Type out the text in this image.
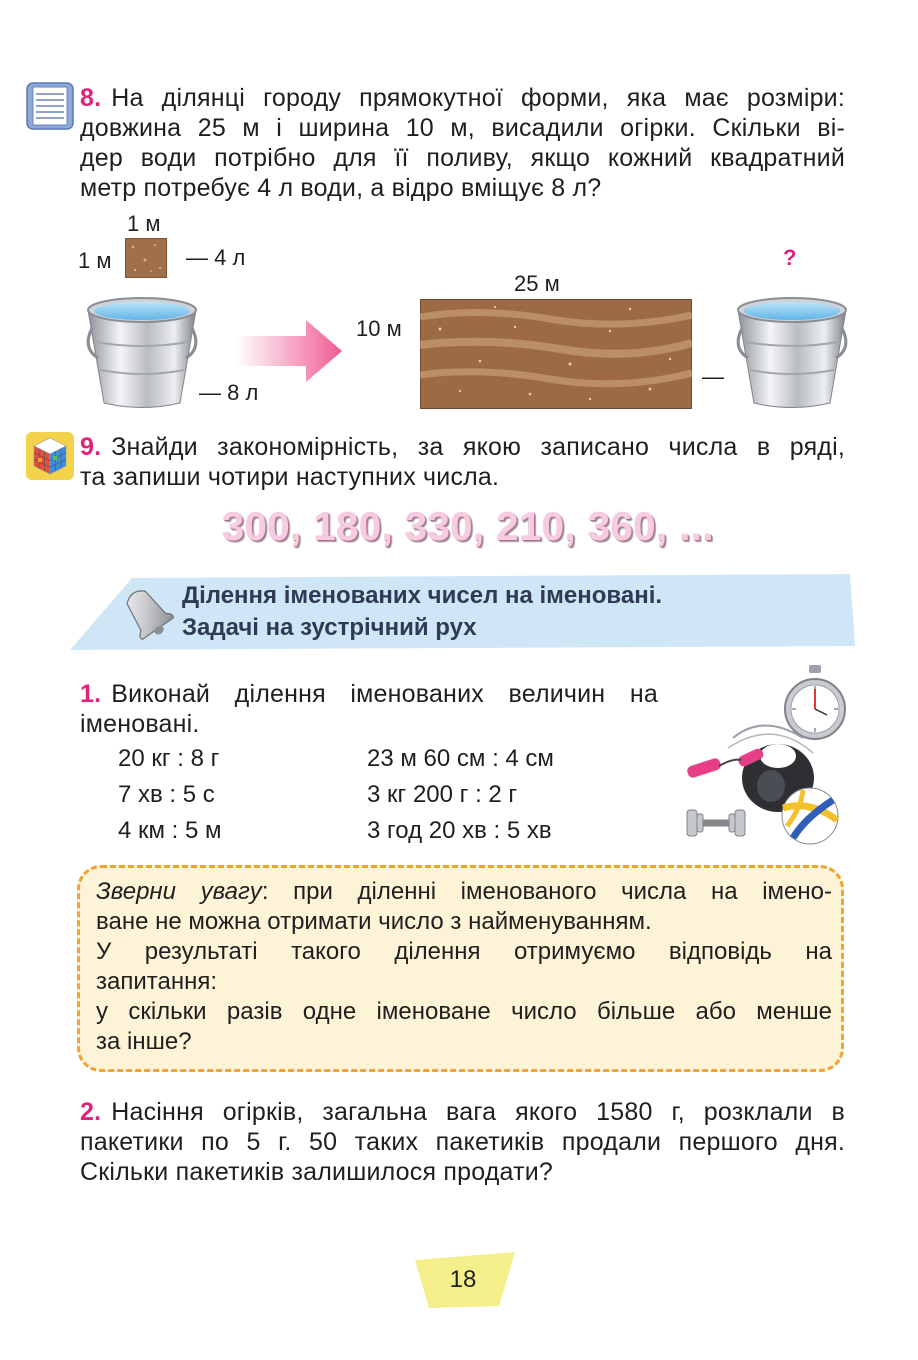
8. На ділянці городу прямокутної форми, яка має розміри:
довжина 25 м і ширина 10 м, висадили огірки. Скільки ві-
дер води потрібно для її поливу, якщо кожний квадратний
метр потребує 4 л води, а відро вміщує 8 л?
1 м
1 м	— 4 л
— 8 л
25 м
10 м
—
?
9. Знайди закономірність, за якою записано числа в ряді,
та запиши чотири наступних числа.
300, 180, 330, 210, 360, ...
Ділення іменованих чисел на іменовані.
Задачі на зустрічний рух
1. Виконай ділення іменованих величин на
іменовані.
20 кг : 8 г
7 хв : 5 с
4 км : 5 м
23 м 60 см : 4 см
3 кг 200 г : 2 г
3 год 20 хв : 5 хв
Зверни увагу: при діленні іменованого числа на імено-
ване не можна отримати число з найменуванням.
У результаті такого ділення отримуємо відповідь на
запитання:
у скільки разів одне іменоване число більше або менше
за інше?
2. Насіння огірків, загальна вага якого 1580 г, розклали в
пакетики по 5 г. 50 таких пакетиків продали першого дня.
Скільки пакетиків залишилося продати?
18
